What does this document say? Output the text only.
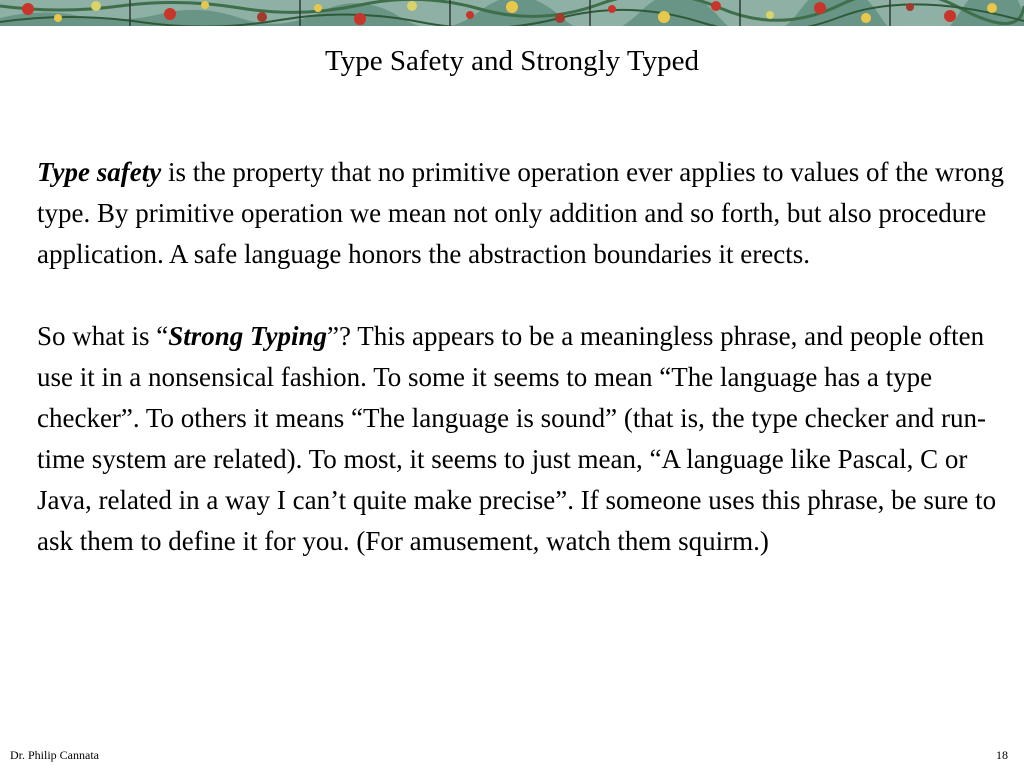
Type Safety and Strongly Typed

Type safety is the property that no primitive operation ever applies to values of the wrong type. By primitive operation we mean not only addition and so forth, but also procedure application. A safe language honors the abstraction boundaries it erects.

So what is “Strong Typing”? This appears to be a meaningless phrase, and people often use it in a nonsensical fashion. To some it seems to mean “The language has a type checker”. To others it means “The language is sound” (that is, the type checker and run-time system are related). To most, it seems to just mean, “A language like Pascal, C or Java, related in a way I can’t quite make precise”. If someone uses this phrase, be sure to ask them to define it for you. (For amusement, watch them squirm.)

Dr. Philip Cannata	18
